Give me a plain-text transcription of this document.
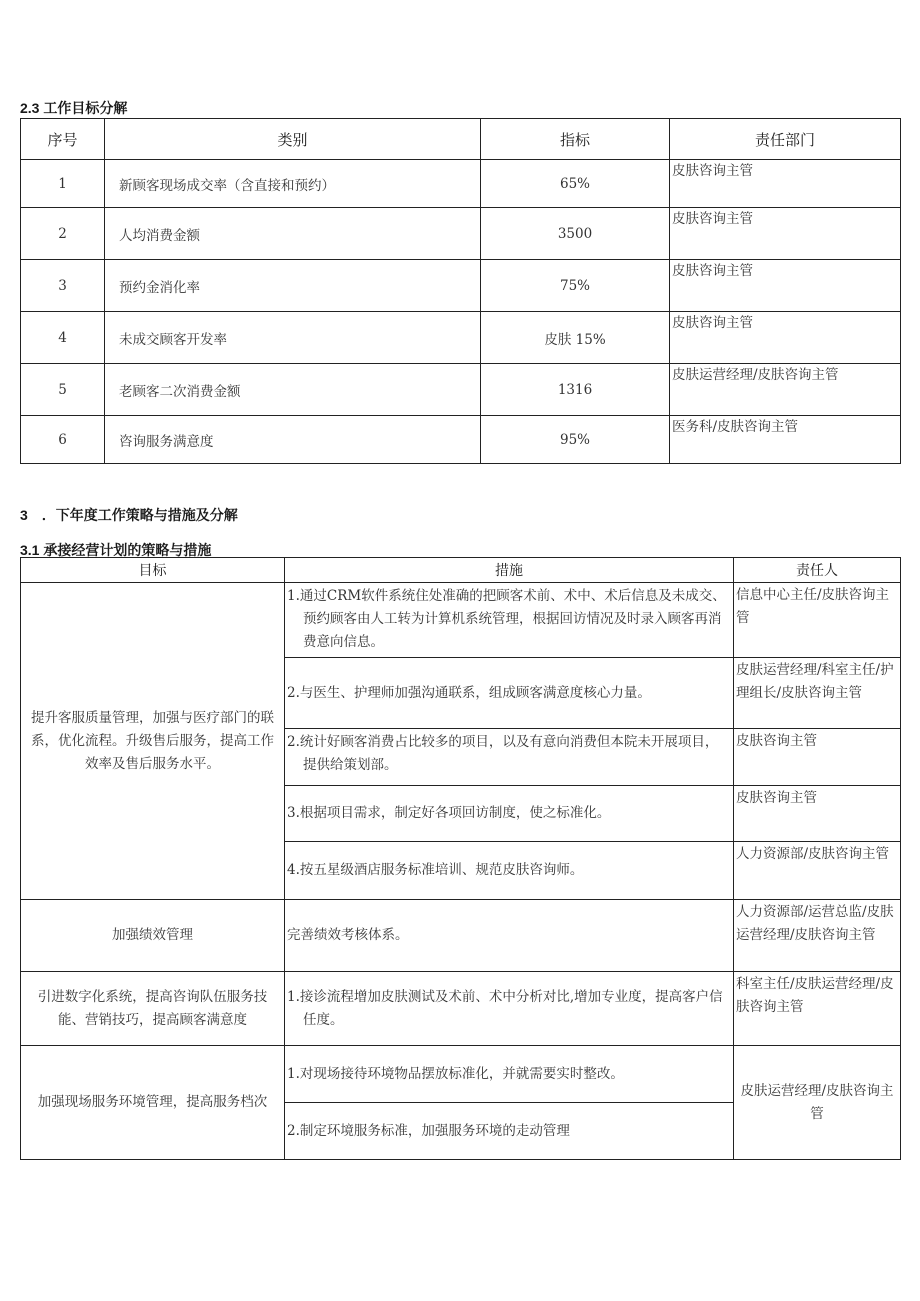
2.3 工作目标分解
序号	类别	指标	责任部门
1	新顾客现场成交率（含直接和预约）	65%	皮肤咨询主管
2	人均消费金额	3500	皮肤咨询主管
3	预约金消化率	75%	皮肤咨询主管
4	未成交顾客开发率	皮肤 15%	皮肤咨询主管
5	老顾客二次消费金额	1316	皮肤运营经理/皮肤咨询主管
6	咨询服务满意度	95%	医务科/皮肤咨询主管
3　．下年度工作策略与措施及分解
3.1 承接经营计划的策略与措施
目标	措施	责任人
提升客服质量管理，加强与医疗部门的联系，优化流程。升级售后服务，提高工作效率及售后服务水平。	1.通过CRM软件系统住处准确的把顾客术前、术中、术后信息及未成交、预约顾客由人工转为计算机系统管理，根据回访情况及时录入顾客再消费意向信息。	信息中心主任/皮肤咨询主管

	2.与医生、护理师加强沟通联系，组成顾客满意度核心力量。	皮肤运营经理/科室主任/护理组长/皮肤咨询主管

	2.统计好顾客消费占比较多的项目，以及有意向消费但本院未开展项目，提供给策划部。	皮肤咨询主管

	3.根据项目需求，制定好各项回访制度，使之标准化。	皮肤咨询主管

	4.按五星级酒店服务标准培训、规范皮肤咨询师。	人力资源部/皮肤咨询主管
加强绩效管理	完善绩效考核体系。	人力资源部/运营总监/皮肤运营经理/皮肤咨询主管
引进数字化系统，提高咨询队伍服务技能、营销技巧，提高顾客满意度	1.接诊流程增加皮肤测试及术前、术中分析对比,增加专业度，提高客户信任度。	科室主任/皮肤运营经理/皮肤咨询主管
加强现场服务环境管理，提高服务档次	1.对现场接待环境物品摆放标准化，并就需要实时整改。	皮肤运营经理/皮肤咨询主管

	2.制定环境服务标准，加强服务环境的走动管理	
